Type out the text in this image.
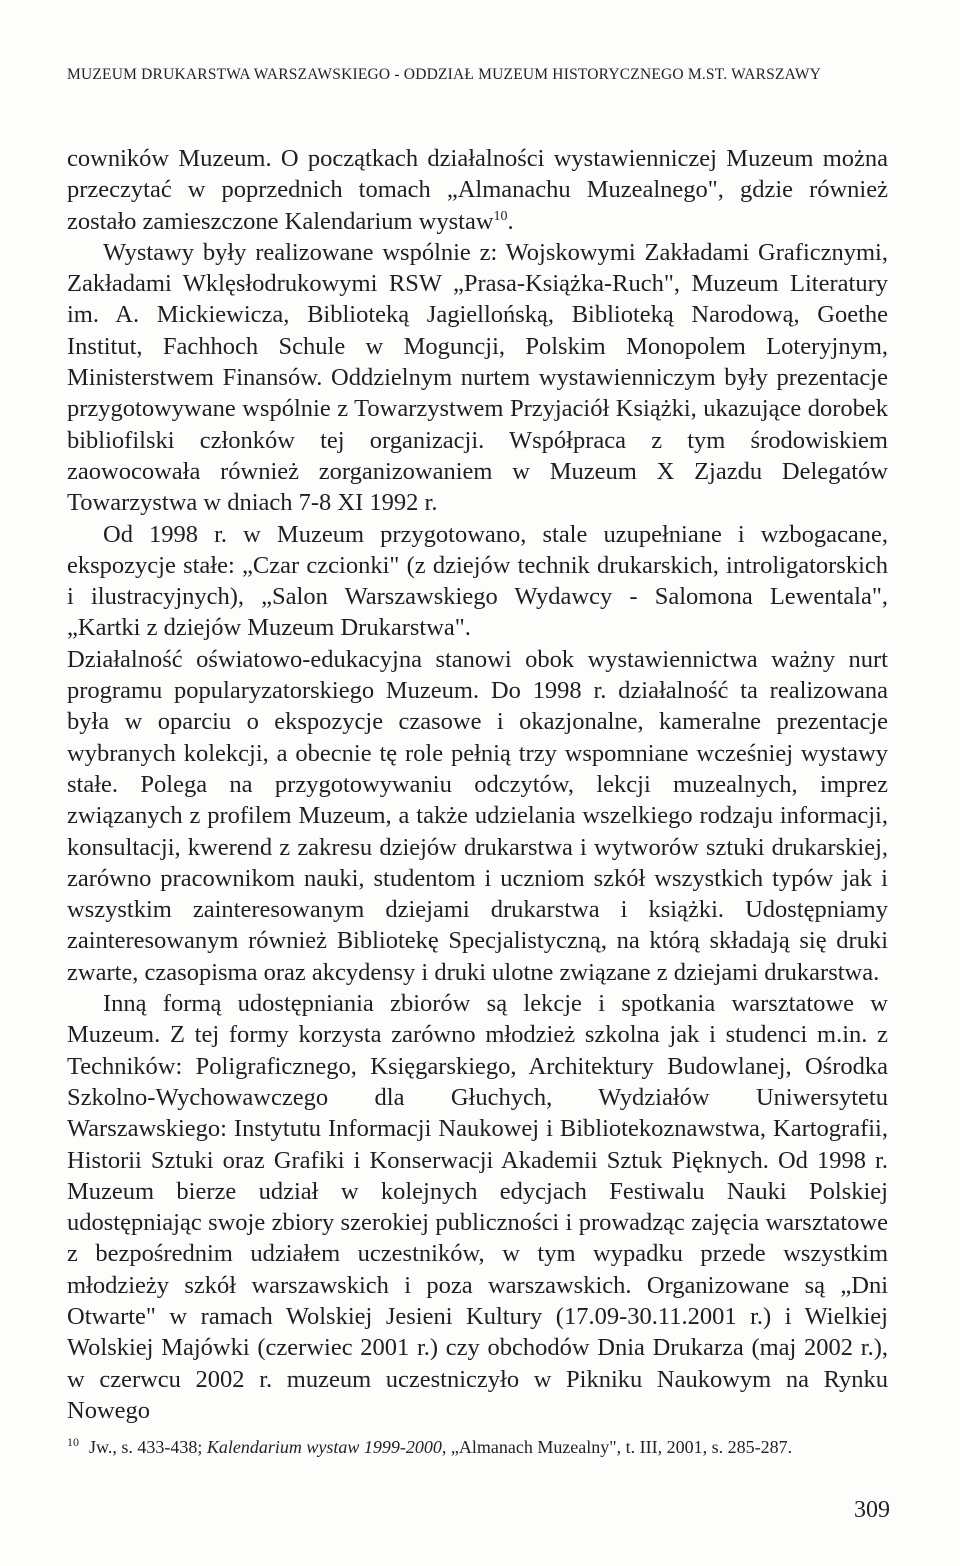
MUZEUM DRUKARSTWA WARSZAWSKIEGO - ODDZIAŁ MUZEUM HISTORYCZNEGO M.ST. WARSZAWY

cowników Muzeum. O początkach działalności wystawienniczej Muzeum można przeczytać w poprzednich tomach „Almanachu Muzealnego", gdzie również zostało zamieszczone Kalendarium wystaw$^{10}$.

Wystawy były realizowane wspólnie z: Wojskowymi Zakładami Graficznymi, Zakładami Wklęsłodrukowymi RSW „Prasa-Książka-Ruch", Muzeum Literatury im. A. Mickiewicza, Biblioteką Jagiellońską, Biblioteką Narodową, Goethe Institut, Fachhoch Schule w Moguncji, Polskim Monopolem Loteryjnym, Ministerstwem Finansów. Oddzielnym nurtem wystawienniczym były prezentacje przygotowywane wspólnie z Towarzystwem Przyjaciół Książki, ukazujące dorobek bibliofilski członków tej organizacji. Współpraca z tym środowiskiem zaowocowała również zorganizowaniem w Muzeum X Zjazdu Delegatów Towarzystwa w dniach 7-8 XI 1992 r.

Od 1998 r. w Muzeum przygotowano, stale uzupełniane i wzbogacane, ekspozycje stałe: „Czar czcionki" (z dziejów technik drukarskich, introligatorskich i ilustracyjnych), „Salon Warszawskiego Wydawcy - Salomona Lewentala", „Kartki z dziejów Muzeum Drukarstwa".

Działalność oświatowo-edukacyjna stanowi obok wystawiennictwa ważny nurt programu popularyzatorskiego Muzeum. Do 1998 r. działalność ta realizowana była w oparciu o ekspozycje czasowe i okazjonalne, kameralne prezentacje wybranych kolekcji, a obecnie tę role pełnią trzy wspomniane wcześniej wystawy stałe. Polega na przygotowywaniu odczytów, lekcji muzealnych, imprez związanych z profilem Muzeum, a także udzielania wszelkiego rodzaju informacji, konsultacji, kwerend z zakresu dziejów drukarstwa i wytworów sztuki drukarskiej, zarówno pracownikom nauki, studentom i uczniom szkół wszystkich typów jak i wszystkim zainteresowanym dziejami drukarstwa i książki. Udostępniamy zainteresowanym również Bibliotekę Specjalistyczną, na którą składają się druki zwarte, czasopisma oraz akcydensy i druki ulotne związane z dziejami drukarstwa.

Inną formą udostępniania zbiorów są lekcje i spotkania warsztatowe w Muzeum. Z tej formy korzysta zarówno młodzież szkolna jak i studenci m.in. z Techników: Poligraficznego, Księgarskiego, Architektury Budowlanej, Ośrodka Szkolno-Wychowawczego dla Głuchych, Wydziałów Uniwersytetu Warszawskiego: Instytutu Informacji Naukowej i Bibliotekoznawstwa, Kartografii, Historii Sztuki oraz Grafiki i Konserwacji Akademii Sztuk Pięknych. Od 1998 r. Muzeum bierze udział w kolejnych edycjach Festiwalu Nauki Polskiej udostępniając swoje zbiory szerokiej publiczności i prowadząc zajęcia warsztatowe z bezpośrednim udziałem uczestników, w tym wypadku przede wszystkim młodzieży szkół warszawskich i poza warszawskich. Organizowane są „Dni Otwarte" w ramach Wolskiej Jesieni Kultury (17.09-30.11.2001 r.) i Wielkiej Wolskiej Majówki (czerwiec 2001 r.) czy obchodów Dnia Drukarza (maj 2002 r.), w czerwcu 2002 r. muzeum uczestniczyło w Pikniku Naukowym na Rynku Nowego

$^{10}$ Jw., s. 433-438; Kalendarium wystaw 1999-2000, „Almanach Muzealny", t. III, 2001, s. 285-287.
309
